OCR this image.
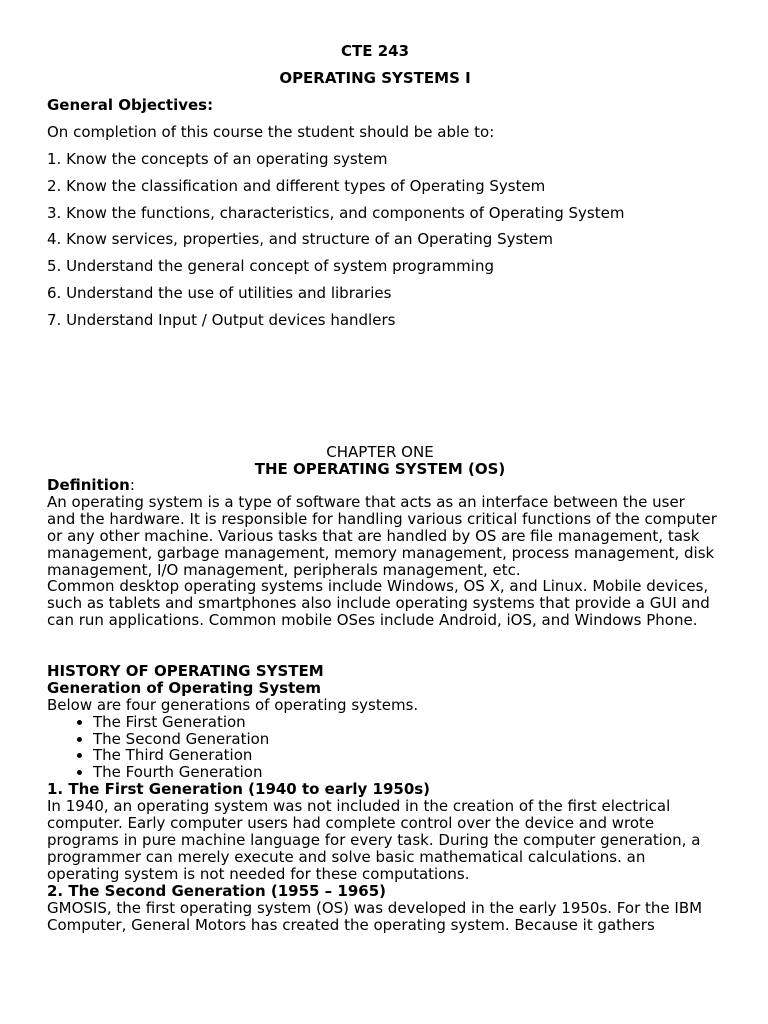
CTE 243
OPERATING SYSTEMS I
General Objectives:
On completion of this course the student should be able to:
1. Know the concepts of an operating system
2. Know the classification and different types of Operating System
3. Know the functions, characteristics, and components of Operating System
4. Know services, properties, and structure of an Operating System
5. Understand the general concept of system programming
6. Understand the use of utilities and libraries
7. Understand Input / Output devices handlers
CHAPTER ONE
THE OPERATING SYSTEM (OS)

Definition:

An operating system is a type of software that acts as an interface between the user and the hardware. It is responsible for handling various critical functions of the computer or any other machine. Various tasks that are handled by OS are file management, task management, garbage management, memory management, process management, disk management, I/O management, peripherals management, etc.

Common desktop operating systems include Windows, OS X, and Linux. Mobile devices, such as tablets and smartphones also include operating systems that provide a GUI and can run applications. Common mobile OSes include Android, iOS, and Windows Phone.

HISTORY OF OPERATING SYSTEM

Generation of Operating System

Below are four generations of operating systems.

• The First Generation
• The Second Generation
• The Third Generation
• The Fourth Generation

1. The First Generation (1940 to early 1950s)

In 1940, an operating system was not included in the creation of the first electrical computer. Early computer users had complete control over the device and wrote programs in pure machine language for every task. During the computer generation, a programmer can merely execute and solve basic mathematical calculations. an operating system is not needed for these computations.

2. The Second Generation (1955 – 1965)

GMOSIS, the first operating system (OS) was developed in the early 1950s. For the IBM Computer, General Motors has created the operating system. Because it gathers
